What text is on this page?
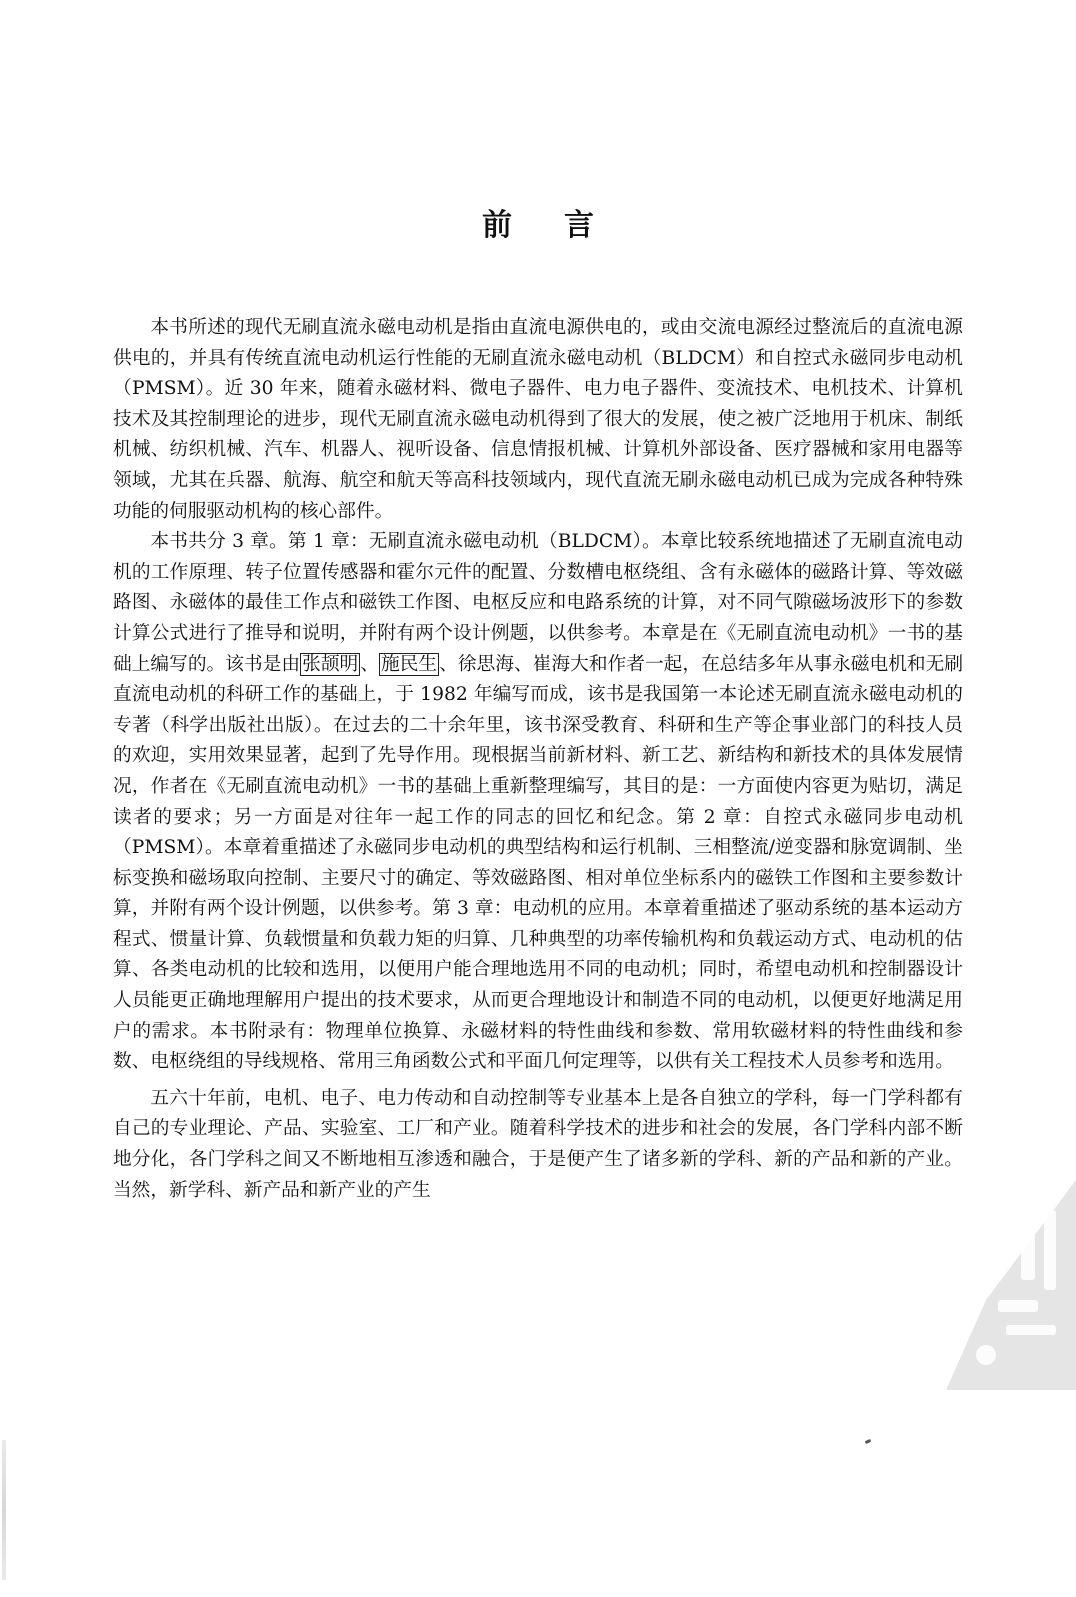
前言

本书所述的现代无刷直流永磁电动机是指由直流电源供电的，或由交流电源经过整流后的直流电源供电的，并具有传统直流电动机运行性能的无刷直流永磁电动机（BLDCM）和自控式永磁同步电动机（PMSM）。近 30 年来，随着永磁材料、微电子器件、电力电子器件、变流技术、电机技术、计算机技术及其控制理论的进步，现代无刷直流永磁电动机得到了很大的发展，使之被广泛地用于机床、制纸机械、纺织机械、汽车、机器人、视听设备、信息情报机械、计算机外部设备、医疗器械和家用电器等领域，尤其在兵器、航海、航空和航天等高科技领域内，现代直流无刷永磁电动机已成为完成各种特殊功能的伺服驱动机构的核心部件。

本书共分 3 章。第 1 章：无刷直流永磁电动机（BLDCM）。本章比较系统地描述了无刷直流电动机的工作原理、转子位置传感器和霍尔元件的配置、分数槽电枢绕组、含有永磁体的磁路计算、等效磁路图、永磁体的最佳工作点和磁铁工作图、电枢反应和电路系统的计算，对不同气隙磁场波形下的参数计算公式进行了推导和说明，并附有两个设计例题，以供参考。本章是在《无刷直流电动机》一书的基础上编写的。该书是由 张颉明 、 施民生 、徐思海、崔海大和作者一起，在总结多年从事永磁电机和无刷直流电动机的科研工作的基础上，于 1982 年编写而成，该书是我国第一本论述无刷直流永磁电动机的专著（科学出版社出版）。在过去的二十余年里，该书深受教育、科研和生产等企事业部门的科技人员的欢迎，实用效果显著，起到了先导作用。现根据当前新材料、新工艺、新结构和新技术的具体发展情况，作者在《无刷直流电动机》一书的基础上重新整理编写，其目的是：一方面使内容更为贴切，满足读者的要求；另一方面是对往年一起工作的同志的回忆和纪念。第 2 章：自控式永磁同步电动机（PMSM）。本章着重描述了永磁同步电动机的典型结构和运行机制、三相整流/逆变器和脉宽调制、坐标变换和磁场取向控制、主要尺寸的确定、等效磁路图、相对单位坐标系内的磁铁工作图和主要参数计算，并附有两个设计例题，以供参考。第 3 章：电动机的应用。本章着重描述了驱动系统的基本运动方程式、惯量计算、负载惯量和负载力矩的归算、几种典型的功率传输机构和负载运动方式、电动机的估算、各类电动机的比较和选用，以便用户能合理地选用不同的电动机；同时，希望电动机和控制器设计人员能更正确地理解用户提出的技术要求，从而更合理地设计和制造不同的电动机，以便更好地满足用户的需求。本书附录有：物理单位换算、永磁材料的特性曲线和参数、常用软磁材料的特性曲线和参数、电枢绕组的导线规格、常用三角函数公式和平面几何定理等，以供有关工程技术人员参考和选用。

五六十年前，电机、电子、电力传动和自动控制等专业基本上是各自独立的学科，每一门学科都有自己的专业理论、产品、实验室、工厂和产业。随着科学技术的进步和社会的发展，各门学科内部不断地分化，各门学科之间又不断地相互渗透和融合，于是便产生了诸多新的学科、新的产品和新的产业。当然，新学科、新产品和新产业的产生
